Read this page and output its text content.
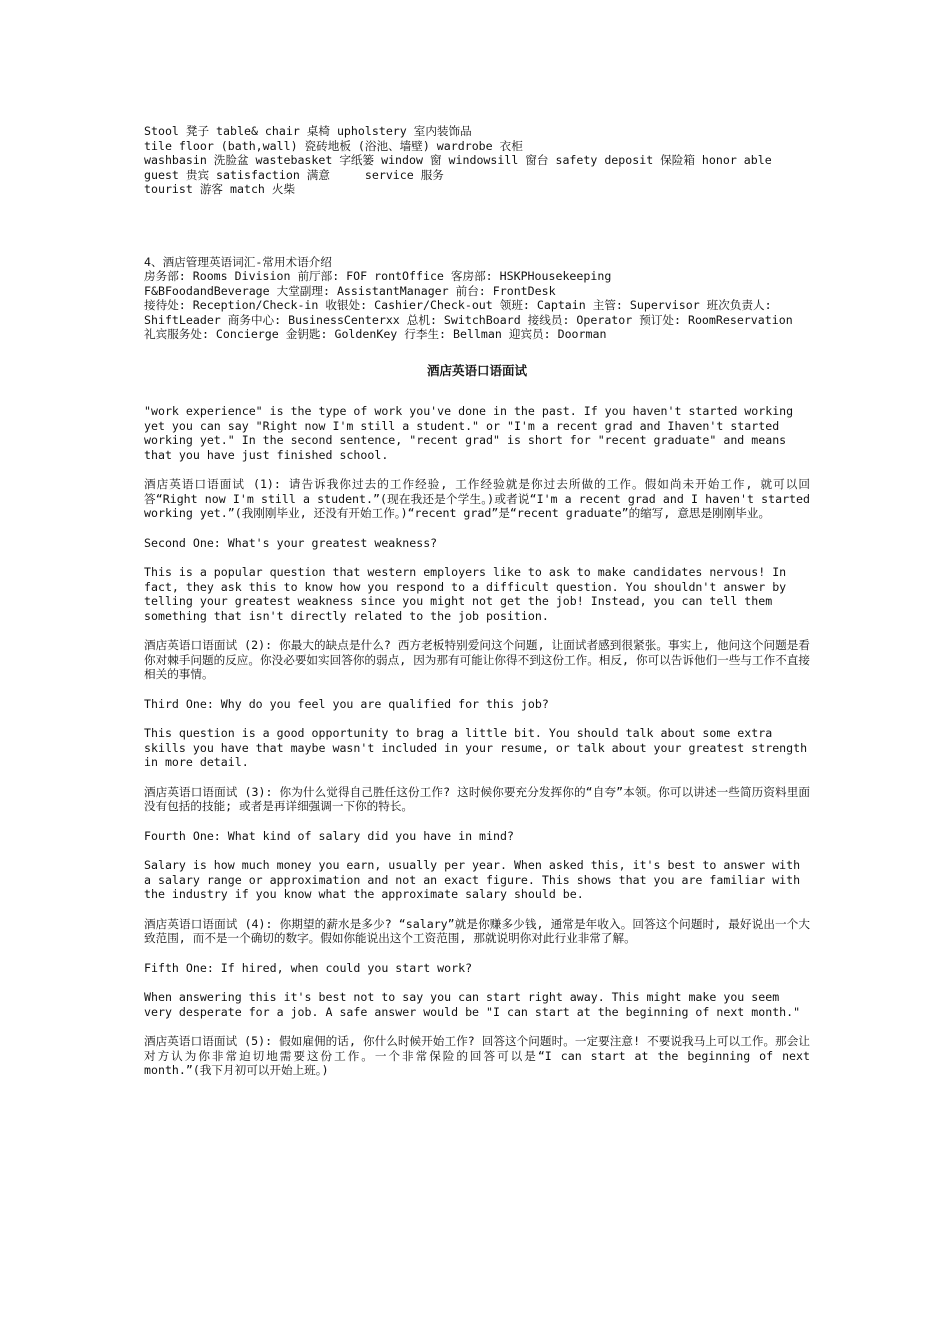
Stool 凳子 table& chair 桌椅 upholstery 室内装饰品

tile floor (bath,wall) 瓷砖地板 (浴池、墙壁) wardrobe 衣柜

washbasin 洗脸盆 wastebasket 字纸篓 window 窗 windowsill 窗台 safety deposit 保险箱 honor able guest 贵宾 satisfaction 满意     service 服务

tourist 游客 match 火柴

4、酒店管理英语词汇-常用术语介绍

房务部: Rooms Division 前厅部: FOF rontOffice 客房部: HSKPHousekeeping

F&BFoodandBeverage 大堂副理: AssistantManager 前台: FrontDesk

接待处: Reception/Check-in 收银处: Cashier/Check-out 领班: Captain 主管: Supervisor 班次负责人: ShiftLeader 商务中心: BusinessCenterxx 总机: SwitchBoard 接线员: Operator 预订处: RoomReservation 礼宾服务处: Concierge 金钥匙: GoldenKey 行李生: Bellman 迎宾员: Doorman

酒店英语口语面试

"work experience" is the type of work you've done in the past. If you haven't started working yet you can say "Right now I'm still a student." or "I'm a recent grad and Ihaven't started working yet." In the second sentence, "recent grad" is short for "recent graduate" and means that you have just finished school.

酒店英语口语面试 (1): 请告诉我你过去的工作经验, 工作经验就是你过去所做的工作。假如尚未开始工作, 就可以回答“Right now I'm still a student.”(现在我还是个学生。)或者说“I'm a recent grad and I haven't started working yet.”(我刚刚毕业, 还没有开始工作。)“recent grad”是“recent graduate”的缩写, 意思是刚刚毕业。

Second One: What's your greatest weakness?

This is a popular question that western employers like to ask to make candidates nervous! In fact, they ask this to know how you respond to a difficult question. You shouldn't answer by telling your greatest weakness since you might not get the job! Instead, you can tell them something that isn't directly related to the job position.

酒店英语口语面试 (2): 你最大的缺点是什么? 西方老板特别爱问这个问题, 让面试者感到很紧张。事实上, 他问这个问题是看你对棘手问题的反应。你没必要如实回答你的弱点, 因为那有可能让你得不到这份工作。相反, 你可以告诉他们一些与工作不直接相关的事情。

Third One: Why do you feel you are qualified for this job?

This question is a good opportunity to brag a little bit. You should talk about some extra skills you have that maybe wasn't included in your resume, or talk about your greatest strength in more detail.

酒店英语口语面试 (3): 你为什么觉得自己胜任这份工作? 这时候你要充分发挥你的“自夸”本领。你可以讲述一些简历资料里面没有包括的技能; 或者是再详细强调一下你的特长。

Fourth One: What kind of salary did you have in mind?

Salary is how much money you earn, usually per year. When asked this, it's best to answer with a salary range or approximation and not an exact figure. This shows that you are familiar with the industry if you know what the approximate salary should be.

酒店英语口语面试 (4): 你期望的薪水是多少? “salary”就是你赚多少钱, 通常是年收入。回答这个问题时, 最好说出一个大致范围, 而不是一个确切的数字。假如你能说出这个工资范围, 那就说明你对此行业非常了解。

Fifth One: If hired, when could you start work?

When answering this it's best not to say you can start right away. This might make you seem very desperate for a job. A safe answer would be "I can start at the beginning of next month."

酒店英语口语面试 (5): 假如雇佣的话, 你什么时候开始工作? 回答这个问题时。一定要注意! 不要说我马上可以工作。那会让对方认为你非常迫切地需要这份工作。一个非常保险的回答可以是“I can start at the beginning of next month.”(我下月初可以开始上班。)
